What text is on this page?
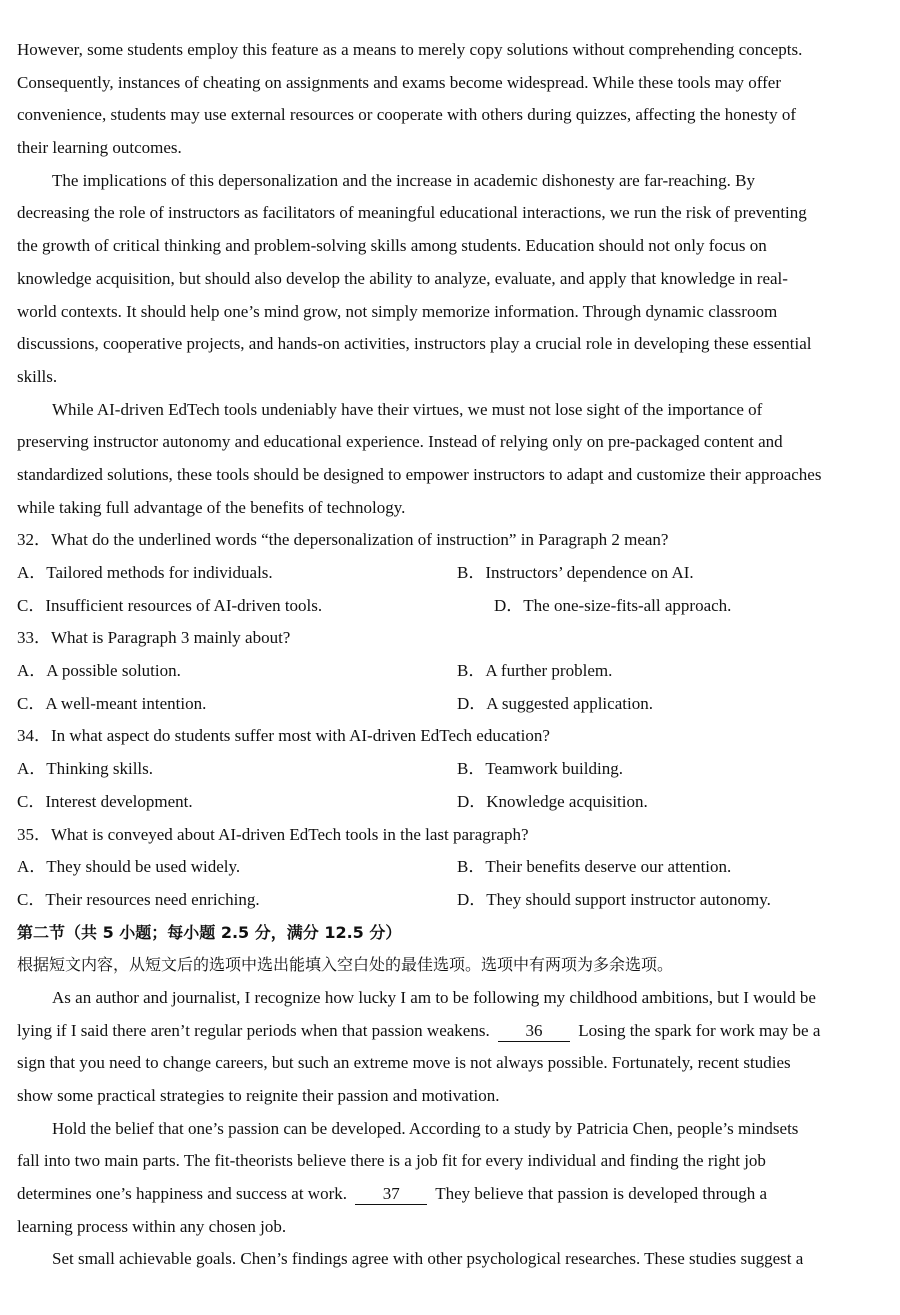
However, some students employ this feature as a means to merely copy solutions without comprehending concepts.
Consequently, instances of cheating on assignments and exams become widespread. While these tools may offer
convenience, students may use external resources or cooperate with others during quizzes, affecting the honesty of
their learning outcomes.
The implications of this depersonalization and the increase in academic dishonesty are far-reaching. By
decreasing the role of instructors as facilitators of meaningful educational interactions, we run the risk of preventing
the growth of critical thinking and problem-solving skills among students. Education should not only focus on
knowledge acquisition, but should also develop the ability to analyze, evaluate, and apply that knowledge in real-
world contexts. It should help one’s mind grow, not simply memorize information. Through dynamic classroom
discussions, cooperative projects, and hands-on activities, instructors play a crucial role in developing these essential
skills.
While AI-driven EdTech tools undeniably have their virtues, we must not lose sight of the importance of
preserving instructor autonomy and educational experience. Instead of relying only on pre-packaged content and
standardized solutions, these tools should be designed to empower instructors to adapt and customize their approaches
while taking full advantage of the benefits of technology.
32．What do the underlined words “the depersonalization of instruction” in Paragraph 2 mean?
A．Tailored methods for individuals.	B．Instructors’ dependence on AI.
C．Insufficient resources of AI-driven tools.	D．The one-size-fits-all approach.
33．What is Paragraph 3 mainly about?
A．A possible solution.	B．A further problem.
C．A well-meant intention.	D．A suggested application.
34．In what aspect do students suffer most with AI-driven EdTech education?
A．Thinking skills.	B．Teamwork building.
C．Interest development.	D．Knowledge acquisition.
35．What is conveyed about AI-driven EdTech tools in the last paragraph?
A．They should be used widely.	B．Their benefits deserve our attention.
C．Their resources need enriching.	D．They should support instructor autonomy.
第二节（共 5 小题；每小题 2.5 分，满分 12.5 分）
根据短文内容，从短文后的选项中选出能填入空白处的最佳选项。选项中有两项为多余选项。
As an author and journalist, I recognize how lucky I am to be following my childhood ambitions, but I would be
lying if I said there aren’t regular periods when that passion weakens. 36 Losing the spark for work may be a
sign that you need to change careers, but such an extreme move is not always possible. Fortunately, recent studies
show some practical strategies to reignite their passion and motivation.
Hold the belief that one’s passion can be developed. According to a study by Patricia Chen, people’s mindsets
fall into two main parts. The fit-theorists believe there is a job fit for every individual and finding the right job
determines one’s happiness and success at work. 37 They believe that passion is developed through a
learning process within any chosen job.
Set small achievable goals. Chen’s findings agree with other psychological researches. These studies suggest a
